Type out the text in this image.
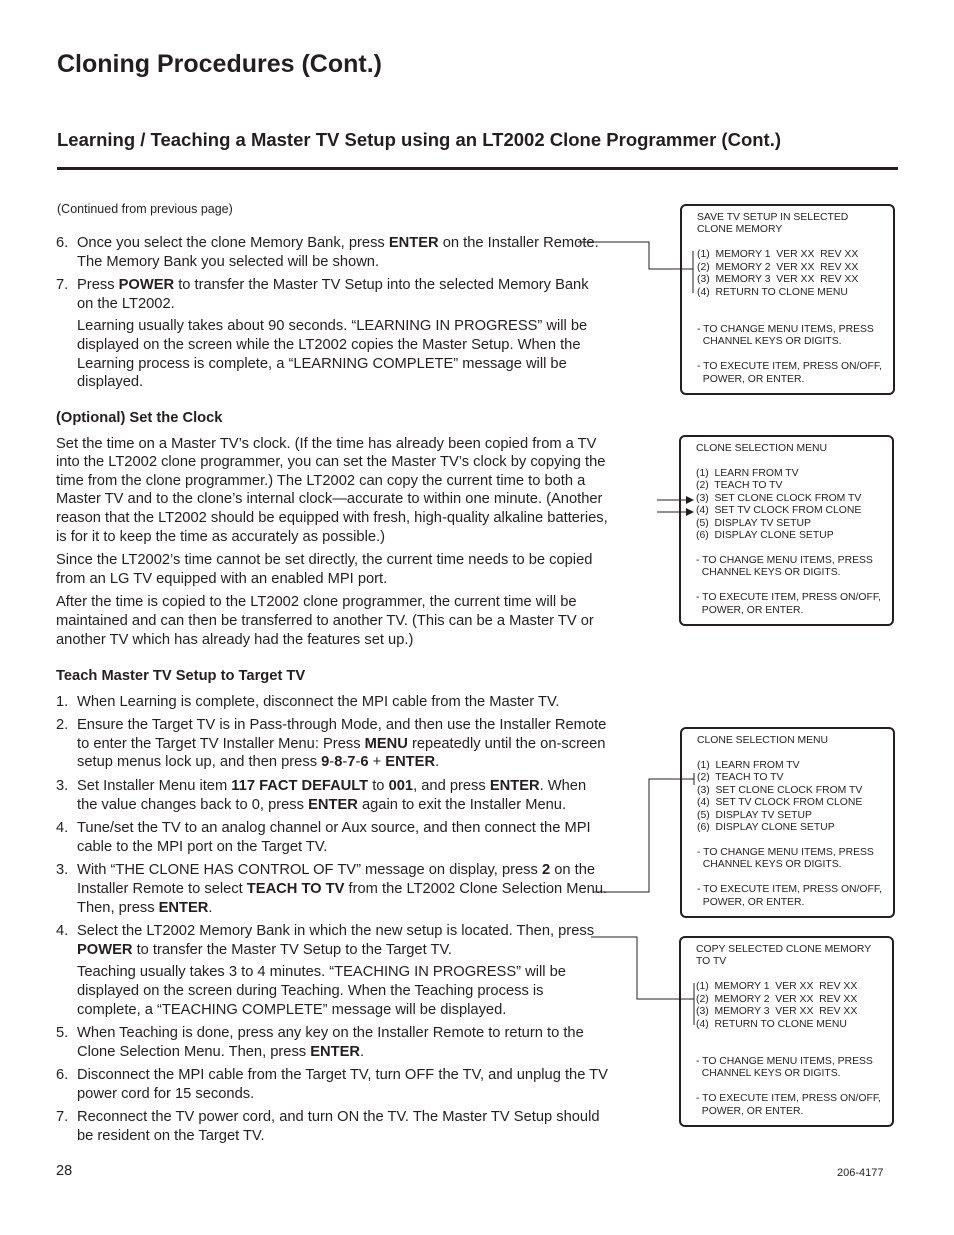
Cloning Procedures (Cont.)
Learning / Teaching a Master TV Setup using an LT2002 Clone Programmer (Cont.)
(Continued from previous page)

6. Once you select the clone Memory Bank, press ENTER on the Installer Remote. The Memory Bank you selected will be shown.

7. Press POWER to transfer the Master TV Setup into the selected Memory Bank on the LT2002.

Learning usually takes about 90 seconds. “LEARNING IN PROGRESS” will be displayed on the screen while the LT2002 copies the Master Setup. When the Learning process is complete, a “LEARNING COMPLETE” message will be displayed.

(Optional) Set the Clock

Set the time on a Master TV’s clock. (If the time has already been copied from a TV into the LT2002 clone programmer, you can set the Master TV’s clock by copying the time from the clone programmer.) The LT2002 can copy the current time to both a Master TV and to the clone’s internal clock—accurate to within one minute. (Another reason that the LT2002 should be equipped with fresh, high-quality alkaline batteries, is for it to keep the time as accurately as possible.)

Since the LT2002’s time cannot be set directly, the current time needs to be copied from an LG TV equipped with an enabled MPI port.

After the time is copied to the LT2002 clone programmer, the current time will be maintained and can then be transferred to another TV. (This can be a Master TV or another TV which has already had the features set up.)

Teach Master TV Setup to Target TV

1. When Learning is complete, disconnect the MPI cable from the Master TV.

2. Ensure the Target TV is in Pass-through Mode, and then use the Installer Remote to enter the Target TV Installer Menu: Press MENU repeatedly until the on-screen setup menus lock up, and then press 9-8-7-6 + ENTER.

3. Set Installer Menu item 117 FACT DEFAULT to 001, and press ENTER. When the value changes back to 0, press ENTER again to exit the Installer Menu.

4. Tune/set the TV to an analog channel or Aux source, and then connect the MPI cable to the MPI port on the Target TV.

3. With “THE CLONE HAS CONTROL OF TV” message on display, press 2 on the Installer Remote to select TEACH TO TV from the LT2002 Clone Selection Menu. Then, press ENTER.

4. Select the LT2002 Memory Bank in which the new setup is located. Then, press POWER to transfer the Master TV Setup to the Target TV.

Teaching usually takes 3 to 4 minutes. “TEACHING IN PROGRESS” will be displayed on the screen during Teaching. When the Teaching process is complete, a “TEACHING COMPLETE” message will be displayed.

5. When Teaching is done, press any key on the Installer Remote to return to the Clone Selection Menu. Then, press ENTER.

6. Disconnect the MPI cable from the Target TV, turn OFF the TV, and unplug the TV power cord for 15 seconds.

7. Reconnect the TV power cord, and turn ON the TV. The Master TV Setup should be resident on the Target TV.

SAVE TV SETUP IN SELECTED

CLONE MEMORY

(1)  MEMORY 1  VER XX  REV XX

(2)  MEMORY 2  VER XX  REV XX

(3)  MEMORY 3  VER XX  REV XX

(4)  RETURN TO CLONE MENU

- TO CHANGE MENU ITEMS, PRESS

CHANNEL KEYS OR DIGITS.

- TO EXECUTE ITEM, PRESS ON/OFF,

POWER, OR ENTER.

CLONE SELECTION MENU

(1)  LEARN FROM TV

(2)  TEACH TO TV

(3)  SET CLONE CLOCK FROM TV

(4)  SET TV CLOCK FROM CLONE

(5)  DISPLAY TV SETUP

(6)  DISPLAY CLONE SETUP

- TO CHANGE MENU ITEMS, PRESS

CHANNEL KEYS OR DIGITS.

- TO EXECUTE ITEM, PRESS ON/OFF,

POWER, OR ENTER.

CLONE SELECTION MENU

(1)  LEARN FROM TV

(2)  TEACH TO TV

(3)  SET CLONE CLOCK FROM TV

(4)  SET TV CLOCK FROM CLONE

(5)  DISPLAY TV SETUP

(6)  DISPLAY CLONE SETUP

- TO CHANGE MENU ITEMS, PRESS

CHANNEL KEYS OR DIGITS.

- TO EXECUTE ITEM, PRESS ON/OFF,

POWER, OR ENTER.

COPY SELECTED CLONE MEMORY

TO TV

(1)  MEMORY 1  VER XX  REV XX

(2)  MEMORY 2  VER XX  REV XX

(3)  MEMORY 3  VER XX  REV XX

(4)  RETURN TO CLONE MENU

- TO CHANGE MENU ITEMS, PRESS

CHANNEL KEYS OR DIGITS.

- TO EXECUTE ITEM, PRESS ON/OFF,

POWER, OR ENTER.

28	206-4177
